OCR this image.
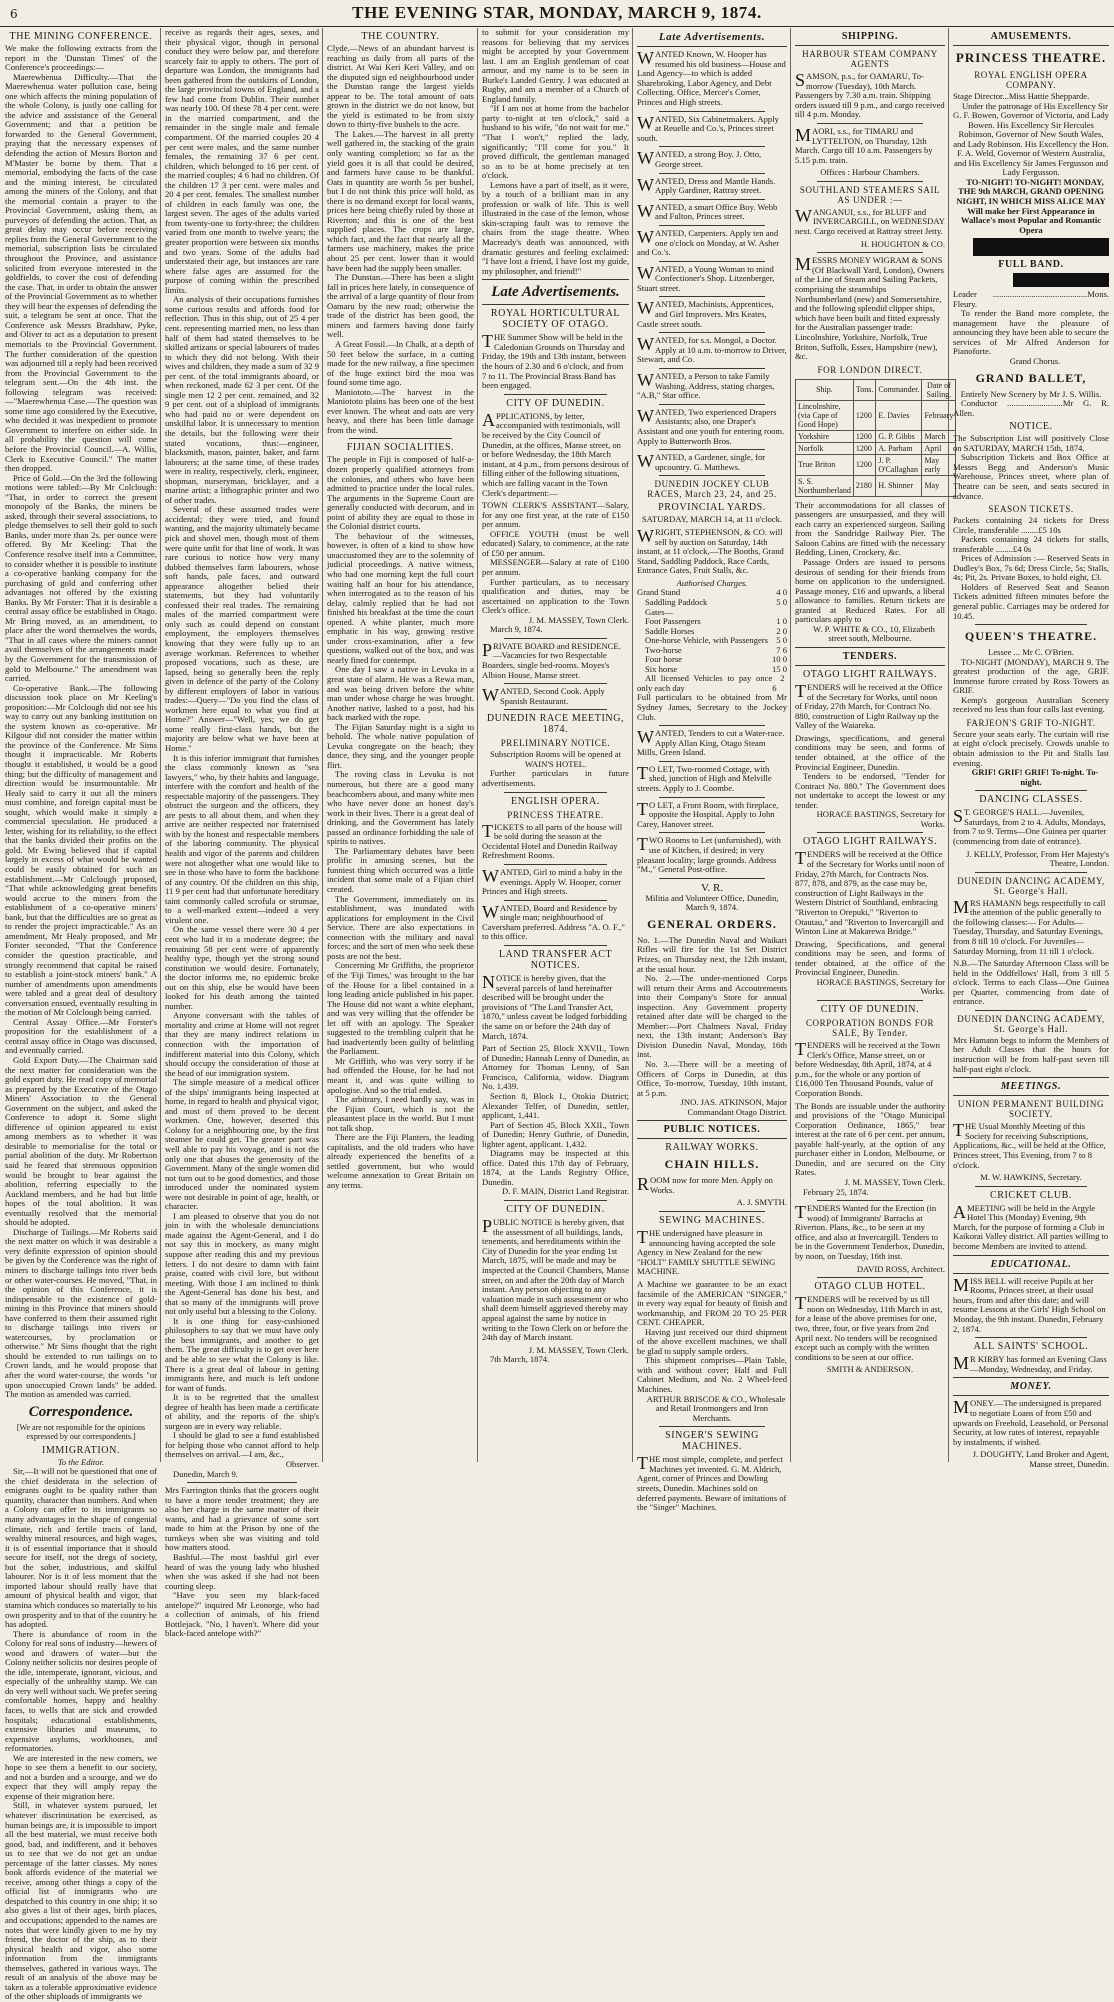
6	THE EVENING STAR, MONDAY, MARCH 9, 1874.
THE MINING CONFERENCE.

We make the following extracts from the report in the 'Dunstan Times' of the Conference's proceedings:—

Maerewhenua Difficulty.—That the Maerewhenua water pollution case, being one which affects the mining population of the whole Colony, is justly one calling for the advice and assistance of the General Government; and that a petition be forwarded to the General Government, praying that the necessary expenses of defending the action of Messrs Borton and M'Master be borne by them. That a memorial, embodying the facts of the case and the mining interest, be circulated among the miners of the Colony, and that the memorial contain a prayer to the Provincial Government, asking them, as purveyors of defending the action. That, as great delay may occur before receiving replies from the General Government to the memorial, subscription lists be circulated throughout the Province, and assistance solicited from everyone interested in the goldfields, to cover the cost of defending the case. That, in order to obtain the answer of the Provincial Government as to whether they will bear the expenses of defending the suit, a telegram be sent at once. That the Conference ask Messrs Bradshaw, Pyke, and Oliver to act as a deputation to present memorials to the Provincial Government. The further consideration of the question was adjourned till a reply had been received from the Provincial Government to the telegram sent.—On the 4th inst. the following telegram was received:—"Maerewhenua Case.—The question was some time ago considered by the Executive, who decided it was inexpedient to promote Government to interfere on either side. In all probability the question will come before the Provincial Council.—A. Willis, Clerk to Executive Council." The matter then dropped.

Price of Gold.—On the 3rd the following motions were tabled:—By Mr Colclough: "That, in order to correct the present monopoly of the Banks, the miners be asked, through their several associations, to pledge themselves to sell their gold to such Banks, under more than 2s. per ounce were offered. By Mr Keeling: That the Conference resolve itself into a Committee, to consider whether it is possible to institute a co-operative banking company for the purchasing of gold and conferring other advantages not offered by the existing Banks. By Mr Forster: That it is desirable a central assay office be established in Otago. Mr Bring moved, as an amendment, to place after the word themselves the words, "That in all cases where the miners cannot avail themselves of the arrangements made by the Government for the transmission of gold to Melbourne." The amendment was carried.

Co-operative Bank.—The following discussion took place on Mr Keeling's proposition:—Mr Colclough did not see his way to carry out any banking institution on the system known as co-operative. Mr Kilgour did not consider the matter within the province of the Conference. Mr Sims thought it impracticable. Mr Roberts thought it established, it would be a good thing; but the difficulty of management and direction would be insurmountable. Mr Healy said to carry it out all the miners must combine, and foreign capital must be sought, which would make it simply a commercial speculation. He produced a letter, wishing for its reliability, to the effect that the banks divided their profits on the gold. Mr Ewing believed that if capital largely in excess of what would be wanted could be easily obtained for such an establishment.—Mr Colclough proposed, "That while acknowledging great benefits would accrue to the miners from the establishment of a co-operative miners' bank, but that the difficulties are so great as to render the project impracticable." As an amendment, Mr Healy proposed, and Mr Forster seconded, "That the Conference consider the question practicable, and strongly recommend that capital be raised to establish a joint-stock miners' bank." A number of amendments upon amendments were tabled and a great deal of desultory conversation ensued, eventually resulting in the motion of Mr Colclough being carried.

Central Assay Office.—Mr Forster's proposition for the establishment of a central assay office in Otago was discussed, and eventually carried.

Gold Export Duty.—The Chairman said the next matter for consideration was the gold export duty. He read copy of memorial as prepared by the Executive of the Otago Miners' Association to the General Government on the subject, and asked the Conference to adopt it. Some slight difference of opinion appeared to exist among members as to whether it was desirable to memorialise for the total or partial abolition of the duty. Mr Robertson said he feared that strenuous opposition would be brought to bear against the abolition, referring especially to the Auckland members, and he had but little hopes of the total abolition. It was eventually resolved that the memorial should be adopted.

Discharge of Tailings.—Mr Roberts said the next matter on which it was desirable a very definite expression of opinion should be given by the Conference was the right of miners to discharge tailings into river beds or other water-courses. He moved, "That, in the opinion of this Conference, it is indispensable to the existence of gold-mining in this Province that miners should have conferred to them their assumed right to discharge tailings into rivers or watercourses, by proclamation or otherwise." Mr Sims thought that the right should be extended to run tailings on to Crown lands, and he would propose that after the word water-course, the words "or upon unoccupied Crown lands" be added. The motion as amended was carried.

Correspondence.

[We are not responsible for the opinions expressed by our correspondents.]

IMMIGRATION.

To the Editor.

Sir,—It will not be questioned that one of the chief desiderata in the selection of emigrants ought to be quality rather than quantity, character than numbers. And when a Colony can offer to its immigrants so many advantages in the shape of congenial climate, rich and fertile tracts of land, wealthy mineral resources, and high wages, it is of essential importance that it should secure for itself, not the dregs of society, but the sober, industrious, and skilful labourer. Nor is it of less moment that the imported labour should really have that amount of physical health and vigor, that stamina which conduces so materially to his own prosperity and to that of the country he has adopted.

There is abundance of room in the Colony for real sons of industry—hewers of wood and drawers of water—but the Colony neither solicits nor desires people of the idle, intemperate, ignorant, vicious, and especially of the unhealthy stamp. We can do very well without such. We prefer seeing comfortable homes, happy and healthy faces, to wells that are sick and crowded hospitals; educational establishments, extensive libraries and museums, to expensive asylums, workhouses, and reformatories.

We are interested in the new comers, we hope to see them a benefit to our society, and not a burden and a scourge, and we do expect that they will amply repay the expense of their migration here.

Still, in whatever system pursued, let whatever discrimination be exercised, as human beings are, it is impossible to import all the best material, we must receive both good, bad, and indifferent, and it behoves us to see that we do not get an undue percentage of the latter classes. My notes book affords evidence of the material we receive, among other things a copy of the official list of immigrants who are despatched to this country in one ship; it so also gives a list of their ages, birth places, and occupations; appended to the names are notes that were kindly given to me by my friend, the doctor of the ship, as to their physical health and vigor, also some information from the immigrants themselves, gathered in various ways. The result of an analysis of the above may be taken as a tolerable approximative evidence of the other shiploads of immigrants we

receive as regards their ages, sexes, and their physical vigor, though in personal conduct they were below par, and therefore scarcely fair to apply to others. The port of departure was London, the immigrants had been gathered from the outskirts of London, the large provincial towns of England, and a few had come from Dublin. Their number was nearly 100. Of these 78 4 per cent. were in the married compartment, and the remainder in the single male and female compartment. Of the married couples 20 4 per cent were males, and the same number females, the remaining 37 6 per cent. children, which belonged to 16 per cent. of the married couples; 4 6 had no children. Of the children 17 3 per cent. were males and 20 4 per cent. females. The smallest number of children in each family was one, the largest seven. The ages of the adults varied from twenty-one to forty-three; the children varied from one month to twelve years; the greater proportion were between six months and two years. Some of the adults had understated their age, but instances are rare where false ages are assumed for the purpose of coming within the prescribed limits.

An analysis of their occupations furnishes some curious results and affords food for reflection. Thus in this ship, out of 25 4 per cent. representing married men, no less than half of them had stated themselves to be skilled artizans or special labourers of trades to which they did not belong. With their wives and children, they made a sum of 32 9 per cent. of the total immigrants aboard, or when reckoned, made 62 3 per cent. Of the single men 12 2 per cent. remained, and 32 9 per cent. out of a shipload of immigrants who had paid no or were dependent on unskilful labor. It is unnecessary to mention the details, but the following were their stated vocations, thus:—engineer, blacksmith, mason, painter, baker, and farm labourers; at the same time, of these trades were in reality, respectively, clerk, engineer, shopman, nurseryman, bricklayer, and a marine artist; a lithographic printer and two of other trades.

Several of these assumed trades were accidental; they were tried, and found wanting, and the majority ultimately became pick and shovel men, though most of them were quite unfit for that line of work. It was rare curious to notice how very many dubbed themselves farm labourers, whose soft hands, pale faces, and outward appearance altogether belied their statements, but they had voluntarily confessed their real trades. The remaining males of the married compartment were only such as could depend on constant employment, the employers themselves knowing that they were fully up to an average workman. References to whether proposed vocations, such as these, are lapsed, being so generally been the reply given in defence of the party of the Colony by different employers of labor in various trades:—Query—"Do you find the class of workmen here equal to what you find at Home?" Answer—"Well, yes; we do get some really first-class hands, but the majority are below what we have been at Home."

It is this inferior immigrant that furnishes the class commonly known as "sea lawyers," who, by their habits and language, interfere with the comfort and health of the respectable majority of the passengers. They obstruct the surgeon and the officers, they are pests to all about them, and when they arrive are neither respected nor fraternised with by the honest and respectable members of the laboring community. The physical health and vigor of the parents and children were not altogether what one would like to see in those who have to form the backbone of any country. Of the children on this ship, 11 9 per cent had that unfortunate hereditary taint commonly called scrofula or strumae, to a well-marked extent—indeed a very virulent one.

On the same vessel there were 30 4 per cent who had it to a moderate degree; the remaining 58 per cent were of apparently healthy type, though yet the strong sound constitution we would desire. Fortunately, the doctor informs me, no epidemic broke out on this ship, else he would have been looked for his death among the tainted number.

Anyone conversant with the tables of mortality and crime at Home will not regret that they are many indirect relations in connection with the importation of indifferent material into this Colony, which should occupy the consideration of those at the head of our immigration system.

The simple measure of a medical officer of the ships' immigrants being inspected at home, in regard to health and physical vigor, and most of them proved to be decent workmen. One, however, deserted this Colony for a neighbouring one, by the first steamer he could get. The greater part was well able to pay his voyage, and is not the only one that abuses the generosity of the Government. Many of the single women did not turn out to be good domestics, and those introduced under the nominated system were not desirable in point of age, health, or character.

I am pleased to observe that you do not join in with the wholesale denunciations made against the Agent-General, and I do not say this in mockery, as many might suppose after reading this and my previous letters. I do not desire to damn with faint praise, coated with civil lore, but without meeting. With those I am inclined to think the Agent-General has done his best, and that so many of the immigrants will prove not only useful but a blessing to the Colony.

It is one thing for easy-cushioned philosophers to say that we must have only the best immigrants, and another to get them. The great difficulty is to get over here and be able to see what the Colony is like. There is a great deal of labour in getting immigrants here, and much is left undone for want of funds.

It is to be regretted that the smallest degree of health has been made a certificate of ability, and the reports of the ship's surgeon are in every way reliable.

I should be glad to see a fund established for helping those who cannot afford to help themselves on arrival.—I am, &c.,

Observer.

Dunedin, March 9.

Mrs Farrington thinks that the grocers ought to have a more tender treatment; they are also her charge in the same matter of their wants, and had a grievance of some sort made to him at the Prison by one of the turnkeys when she was visiting and told how matters stood.

Bashful.—The most bashful girl ever heard of was the young lady who blushed when she was asked if she had not been courting sleep.

"Have you seen my black-faced antelope?" inquired Mr Leonorge, who had a collection of animals, of his friend Bottlejack. "No, I haven't. Where did your black-faced antelope with?"

THE COUNTRY.

Clyde.—News of an abundant harvest is reaching us daily from all parts of the district. At Wai Keri Keri Valley, and on the disputed sign ed neighbourhood under the Dunstan range the largest yields appear to be. The total amount of oats grown in the district we do not know, but the yield is estimated to be from sixty down to thirty-five bushels to the acre.

The Lakes.—The harvest in all pretty well gathered in, the stacking of the grain only wanting completion; so far as the yield goes it is all that could be desired, and farmers have cause to be thankful. Oats in quantity are worth 5s per bushel, but I do not think this price will hold, as there is no demand except for local wants, prices here being chiefly ruled by those at Riverton; and this is one of the best supplied places. The crops are large, which fact, and the fact that nearly all the farmers use machinery, makes the price about 25 per cent. lower than it would have been had the supply been smaller.

The Dunstan.—There has been a slight fall in prices here lately, in consequence of the arrival of a large quantity of flour from Oamaru by the new road; otherwise the trade of the district has been good, the miners and farmers having done fairly well.

A Great Fossil.—In Chalk, at a depth of 50 feet below the surface, in a cutting made for the new railway, a fine specimen of the huge extinct bird the moa was found some time ago.

Maniototo.—The harvest in the Maniototo plains has been one of the best ever known. The wheat and oats are very heavy, and there has been little damage from the wind.

FIJIAN SOCIALITIES.

The people in Fiji is composed of half-a-dozen properly qualified attorneys from the colonies, and others who have been admitted to practice under the local rules. The arguments in the Supreme Court are generally conducted with decorum, and in point of ability they are equal to those in the Colonial district courts.

The behaviour of the witnesses, however, is often of a kind to show how unaccustomed they are to the solemnity of judicial proceedings. A native witness, who had one morning kept the full court waiting half an hour for his attendance, when interrogated as to the reason of his delay, calmly replied that he had not finished his breakfast at the time the court opened. A white planter, much more emphatic in his way, growing restive under cross-examination, after a few questions, walked out of the box, and was nearly fined for contempt.

One day I saw a native in Levuka in a great state of alarm. He was a Rewa man, and was being driven before the white man under whose charge he was brought. Another native, lashed to a post, had his back marked with the rope.

The Fijian Saturday night is a sight to behold. The whole native population of Levuka congregate on the beach; they dance, they sing, and the younger people flirt.

The roving class in Levuka is not numerous, but there are a good many beachcombers about, and many white men who have never done an honest day's work in their lives. There is a great deal of drinking, and the Government has lately passed an ordinance forbidding the sale of spirits to natives.

The Parliamentary debates have been prolific in amusing scenes, but the funniest thing which occurred was a little incident that some male of a Fijian chief created.

The Government, immediately on its establishment, was inundated with applications for employment in the Civil Service. There are also expectations in connection with the military and naval forces; and the sort of men who seek these posts are not the best.

Concerning Mr Griffiths, the proprietor of the 'Fiji Times,' was brought to the bar of the House for a libel contained in a long leading article published in his paper. The House did not want a white elephant, and was very willing that the offender be let off with an apology. The Speaker suggested to the trembling culprit that he had inadvertently been guilty of belittling the Parliament.

Mr Griffith, who was very sorry if he had offended the House, for he had not meant it, and was quite willing to apologise. And so the trial ended.

The arbitrary, I need hardly say, was in the Fijian Court, which is not the pleasantest place in the world. But I must not talk shop.

There are the Fiji Planters, the leading capitalists, and the old traders who have already experienced the benefits of a settled government, but who would welcome annexation to Great Britain on any terms.

to submit for your consideration my reasons for believing that my services might be accepted by your Government last. I am an English gentleman of coat armour, and my name is to be seen in Burke's Landed Gentry. I was educated at Rugby, and am a member of a Church of England family.

"If I am not at home from the bachelor party to-night at ten o'clock," said a husband to his wife, "do not wait for me." "That I won't," replied the lady, significantly; "I'll come for you." It proved difficult, the gentleman managed so as to be at home precisely at ten o'clock.

Lemons have a part of itself, as it were, by a touch of a brilliant man in any profession or walk of life. This is well illustrated in the case of the lemon, whose skin-scraping fault was to remove the chairs from the stage theatre. When Macready's death was announced, with dramatic gestures and feeling exclaimed: "I have lost a friend, I have lost my guide, my philosopher, and friend!"

Late Advertisements.
ROYAL HORTICULTURAL SOCIETY OF OTAGO.

THE Summer Show will be held in the Caledonian Grounds on Thursday and Friday, the 19th and 13th instant, between the hours of 2.30 and 6 o'clock, and from 7 to 11. The Provincial Brass Band has been engaged.

CITY OF DUNEDIN.

APPLICATIONS, by letter, accompanied with testimonials, will be received by the City Council of Dunedin, at the offices, Manse street, on or before Wednesday, the 18th March instant, at 4 p.m., from persons desirous of filling either of the following situations, which are falling vacant in the Town Clerk's department:—

TOWN CLERK'S ASSISTANT—Salary, for any one first year, at the rate of £150 per annum.

OFFICE YOUTH (must be well educated) Salary, to commence, at the rate of £50 per annum.

MESSENGER—Salary at rate of £100 per annum.

Further particulars, as to necessary qualification and duties, may be ascertained on application to the Town Clerk's office.

J. M. MASSEY, Town Clerk.

March 9, 1874.

PRIVATE BOARD and RESIDENCE.—Vacancies for two Respectable Boarders, single bed-rooms. Moyes's Albion House, Manse street.

WANTED, Second Cook. Apply Spanish Restaurant.

DUNEDIN RACE MEETING, 1874.
PRELIMINARY NOTICE.

Subscription Rooms will be opened at WAIN'S HOTEL.

Further particulars in future advertisements.

ENGLISH OPERA.
PRINCESS THEATRE.

TICKETS to all parts of the house will be sold during the season at the Occidental Hotel and Dunedin Railway Refreshment Rooms.

WANTED, Girl to mind a baby in the evenings. Apply W. Hooper, corner Princes and High streets.

WANTED, Board and Residence by single man; neighbourhood of Caversham preferred. Address "A. O. F.," to this office.

LAND TRANSFER ACT NOTICES.

NOTICE is hereby given, that the several parcels of land hereinafter described will be brought under the provisions of "The Land Transfer Act, 1870," unless caveat be lodged forbidding the same on or before the 24th day of March, 1874.

Part of Section 25, Block XXVII., Town of Dunedin; Hannah Lenny of Dunedin, as Attorney for Thomas Lenny, of San Francisco, California, widow. Diagram No. 1,439.

Section 8, Block I., Otokia District; Alexander Telfer, of Dunedin, settler, applicant, 1,441.

Part of Section 45, Block XXII., Town of Dunedin; Henry Guthrie, of Dunedin, lighter agent, applicant. 1,432.

Diagrams may be inspected at this office. Dated this 17th day of February, 1874, at the Lands Registry Office, Dunedin.

D. F. MAIN, District Land Registrar.

CITY OF DUNEDIN.

PUBLIC NOTICE is hereby given, that the assessment of all buildings, lands, tenements, and hereditaments within the City of Dunedin for the year ending 1st March, 1875, will be made and may be inspected at the Council Chambers, Manse street, on and after the 20th day of March instant. Any person objecting to any valuation made in such assessment or who shall deem himself aggrieved thereby may appeal against the same by notice in writing to the Town Clerk on or before the 24th day of March instant.

J. M. MASSEY, Town Clerk.

7th March, 1874.

Late Advertisements.

WANTED Known, W. Hooper has resumed his old business—House and Land Agency—to which is added Sharebroking, Labor Agency, and Debt Collecting. Office, Mercer's Corner, Princes and High streets.

WANTED, Six Cabinetmakers. Apply at Reuelle and Co.'s, Princes street south.

WANTED, a strong Boy. J. Otto, George street.

WANTED, Dress and Mantle Hands. Apply Gardiner, Rattray street.

WANTED, a smart Office Boy. Webb and Fulton, Princes street.

WANTED, Carpenters. Apply ten and one o'clock on Monday, at W. Asher and Co.'s.

WANTED, a Young Woman to mind Confectioner's Shop. Litzenberger, Stuart street.

WANTED, Machinists, Apprentices, and Girl Improvers. Mrs Keates, Castle street south.

WANTED, for s.s. Mongol, a Doctor. Apply at 10 a.m. to-morrow to Driver, Stewart, and Co.

WANTED, a Person to take Family Washing. Address, stating charges, "A.B," Star office.

WANTED, Two experienced Drapers Assistants; also, one Draper's Assistant and one youth for entering room. Apply to Butterworth Bros.

WANTED, a Gardener, single, for upcountry. G. Matthews.

DUNEDIN JOCKEY CLUB RACES, March 23, 24, and 25.
PROVINCIAL YARDS.

SATURDAY, MARCH 14, at 11 o'clock.

WRIGHT, STEPHENSON, & CO. will sell by auction on Saturday, 14th instant, at 11 o'clock,—The Booths, Grand Stand, Saddling Paddock, Race Cards, Entrance Gates, Fruit Stalls, &c.

Authorised Charges.

Grand Stand	4 0
Saddling Paddock	5 0
Gates—
Foot Passengers	1 0
Saddle Horses	2 0
One-horse Vehicle, with Passengers 5 0
Two-horse	7 6
Four horse	10 0
Six horse	15 0
All licensed Vehicles to pay once only each day
2 6

Full particulars to be obtained from Mr Sydney James, Secretary to the Jockey Club.

WANTED, Tenders to cut a Water-race. Apply Allan King, Otago Steam Mills, Green Island.

TO LET, Two-roomed Cottage, with shed, junction of High and Melville streets. Apply to J. Coombe.

TO LET, a Front Room, with fireplace, opposite the Hospital. Apply to John Carey, Hanover street.

TWO Rooms to Let (unfurnished), with use of Kitchen, if desired; in very pleasant locality; large grounds. Address "M.," General Post-office.

V. R.

Militia and Volunteer Office, Dunedin, March 9, 1874.

GENERAL ORDERS.

No. 1.—The Dunedin Naval and Waikari Rifles will fire for the 1st Set District Prizes, on Thursday next, the 12th instant, at the usual hour.

No. 2.—The under-mentioned Corps will return their Arms and Accoutrements into their Company's Store for annual inspection. Any Government property retained after date will be charged to the Member:—Port Chalmers Naval, Friday next, the 13th instant; Anderson's Bay Division Dunedin Naval, Monday, 16th inst.

No. 3.—There will be a meeting of Officers of Corps in Dunedin, at this Office, To-morrow, Tuesday, 10th instant, at 5 p.m.

JNO. JAS. ATKINSON, Major Commandant Otago District.

PUBLIC NOTICES.
RAILWAY WORKS.
CHAIN HILLS.

ROOM now for more Men. Apply on Works.

A. J. SMYTH.

SEWING MACHINES.

THE undersigned have pleasure in announcing having accepted the sole Agency in New Zealand for the new "HOLT" FAMILY SHUTTLE SEWING MACHINE.

A Machine we guarantee to be an exact facsimile of the AMERICAN "SINGER," in every way equal for beauty of finish and workmanship, and FROM 20 TO 25 PER CENT. CHEAPER.

Having just received our third shipment of the above excellent machines, we shall be glad to supply sample orders.

This shipment comprises—Plain Table, with and without cover; Half and Full Cabinet Medium, and No. 2 Wheel-feed Machines.

ARTHUR BRISCOE & CO., Wholesale and Retail Ironmongers and Iron Merchants.

SINGER'S SEWING MACHINES.

THE most simple, complete, and perfect Machines yet invented. G. M. Aldrich, Agent, corner of Princes and Dowling streets, Dunedin. Machines sold on deferred payments. Beware of imitations of the "Singer" Machines.

SHIPPING.
HARBOUR STEAM COMPANY AGENTS

SAMSON, p.s., for OAMARU, To-morrow (Tuesday), 10th March. Passengers by 7.30 a.m. train. Shipping orders issued till 9 p.m., and cargo received till 4 p.m. Monday.

MAORI, s.s., for TIMARU and LYTTELTON, on Thursday, 12th March. Cargo till 10 a.m. Passengers by 5.15 p.m. train.

Offices : Harbour Chambers.

SOUTHLAND STEAMERS SAIL AS UNDER :—

WANGANUI, s.s., for BLUFF and INVERCARGILL, on WEDNESDAY next. Cargo received at Rattray street Jetty.

H. HOUGHTON & CO.

MESSRS MONEY WIGRAM & SONS (Of Blackwall Yard, London), Owners of the Line of Steam and Sailing Packets, comprising the steamships Northumberland (new) and Somersetshire, and the following splendid clipper ships, which have been built and fitted expressly for the Australian passenger trade: Lincolnshire, Yorkshire, Norfolk, True Briton, Suffolk, Essex, Hampshire (new), &c.

FOR LONDON DIRECT.
Ship.	Tons.	Commander.	Date of Sailing.
Lincolnshire, (via Cape of Good Hope)	1200	E. Davies	February
Yorkshire	1200	G. P. Gibbs	March
Norfolk	1200	A. Parham	April
True Briton	1200	J. P. O'Callaghan	May early
S. S. Northumberland	2180	H. Shinner	May

Their accommodations for all classes of passengers are unsurpassed, and they will each carry an experienced surgeon. Sailing from the Sandridge Railway Pier. The Saloon Cabins are fitted with the necessary Bedding, Linen, Crockery, &c.

Passage Orders are issued to persons desirous of sending for their friends from home on application to the undersigned. Passage money, £16 and upwards, a liberal allowance to families. Return tickets are granted at Reduced Rates. For all particulars apply to

W. P. WHITE & CO., 10, Elizabeth street south, Melbourne.

TENDERS.
OTAGO LIGHT RAILWAYS.

TENDERS will be received at the Office of the Secretary for Works, until noon of Friday, 27th March, for Contract No. 880, construction of Light Railway up the Valley of the Waiareka.

Drawings, specifications, and general conditions may be seen, and forms of tender obtained, at the office of the Provincial Engineer, Dunedin.

Tenders to be endorsed, "Tender for Contract No. 880." The Government does not undertake to accept the lowest or any tender.

HORACE BASTINGS, Secretary for Works.

OTAGO LIGHT RAILWAYS.

TENDERS will be received at the Office of the Secretary for Works until noon of Friday, 27th March, for Contracts Nos. 877, 878, and 879, as the case may be, construction of Light Railways in the Western District of Southland, embracing "Riverton to Orepuki," "Riverton to Otautau," and "Riverton to Invercargill and Winton Line at Makarewa Bridge."

Drawing, Specifications, and general conditions may be seen, and forms of tender obtained, at the office of the Provincial Engineer, Dunedin.

HORACE BASTINGS, Secretary for Works.

CITY OF DUNEDIN.
CORPORATION BONDS FOR SALE, By Tender.

TENDERS will be received at the Town Clerk's Office, Manse street, on or before Wednesday, 8th April, 1874, at 4 p.m., for the whole or any portion of £16,000 Ten Thousand Pounds, value of Corporation Bonds.

The Bonds are issuable under the authority and provisions of the "Otago Municipal Corporation Ordinance, 1865," bear interest at the rate of 6 per cent. per annum, payable half-yearly, at the option of any purchaser either in London, Melbourne, or Dunedin, and are secured on the City Rates.

J. M. MASSEY, Town Clerk.

February 25, 1874.

TENDERS Wanted for the Erection (in wood) of Immigrants' Barracks at Riverton. Plans, &c., to be seen at my office, and also at Invercargill. Tenders to be in the Government Tenderbox, Dunedin, by noon, on Tuesday, 16th inst.

DAVID ROSS, Architect.

OTAGO CLUB HOTEL.

TENDERS will be received by us till noon on Wednesday, 11th March in ast, for a lease of the above premises for one, two, three, four, or five years from 2nd April next. No tenders will be recognised except such as comply with the written conditions to be seen at our office.

SMITH & ANDERSON.

AMUSEMENTS.
PRINCESS THEATRE.
ROYAL ENGLISH OPERA COMPANY.

Stage Director...Miss Hattie Shepparde.

Under the patronage of His Excellency Sir G. F. Bowen, Governor of Victoria, and Lady Bowen. His Excellency Sir Hercules Robinson, Governor of New South Wales, and Lady Robinson. His Excellency the Hon. F. A. Weld, Governor of Western Australia, and His Excellency Sir James Fergusson and Lady Fergusson.

TO-NIGHT! TO-NIGHT! MONDAY, THE 9th MARCH, GRAND OPENING NIGHT, IN WHICH MISS ALICE MAY Will make her First Appearance in Wallace's most Popular and Romantic Opera

FULL BAND.

Leader ............................................Mons. Fleury.

To render the Band more complete, the management have the pleasure of announcing they have been able to secure the services of Mr Alfred Anderson for Pianoforte.

Grand Chorus.

GRAND BALLET,

Entirely New Scenery by Mr J. S. Willis.

Conductor ..........................Mr G. R. Allen.

NOTICE.

The Subscription List will positively Close on SATURDAY, MARCH 15th, 1874.

Subscription Tickets and Box Office at Messrs Begg and Anderson's Music Warehouse, Princes street, where plan of Theatre can be seen, and seats secured in advance.

SEASON TICKETS.

Packets containing 24 tickets for Dress Circle, transferable ........£5 10s

Packets containing 24 tickets for stalls, transferable ........£4 0s

Prices of Admission :— Reserved Seats in Dudley's Box, 7s 6d; Dress Circle, 5s; Stalls, 4s; Pit, 2s. Private Boxes, to hold eight, £3.

Holders of Reserved Seat and Season Tickets admitted fifteen minutes before the general public. Carriages may be ordered for 10.45.

QUEEN'S THEATRE.

Lessee ... Mr C. O'Brien.

TO-NIGHT (MONDAY), MARCH 9. The greatest production of the age, GRIF. Immense furore created by Ross Towers as GRIF.

Kemp's gorgeous Australian Scenery received no less than four calls last evening.

FARJEON'S GRIF TO-NIGHT.

Secure your seats early. The curtain will rise at eight o'clock precisely. Crowds unable to obtain admission to the Pit and Stalls last evening.

GRIF! GRIF! GRIF! To-night. To-night.

DANCING CLASSES.

ST. GEORGE'S HALL.—Juveniles, Saturdays, from 2 to 4. Adults, Mondays, from 7 to 9. Terms—One Guinea per quarter (commencing from date of entrance).

J. KELLY, Professor, From Her Majesty's Theatre, London.

DUNEDIN DANCING ACADEMY, St. George's Hall.

MRS HAMANN begs respectfully to call the attention of the public generally to the following classes:— For Adults—Tuesday, Thursday, and Saturday Evenings, from 8 till 10 o'clock. For Juveniles—Saturday Morning, from 11 till 1 o'clock.

N.B.—The Saturday Afternoon Class will be held in the Oddfellows' Hall, from 3 till 5 o'clock. Terms to each Class—One Guinea per Quarter, commencing from date of entrance.

DUNEDIN DANCING ACADEMY, St. George's Hall.

Mrs Hamann begs to inform the Members of her Adult Classes that the hours for instruction will be from half-past seven till half-past eight o'clock.

MEETINGS.
UNION PERMANENT BUILDING SOCIETY.

THE Usual Monthly Meeting of this Society for receiving Subscriptions, Applications, &c., will be held at the Office, Princes street, This Evening, from 7 to 8 o'clock.

M. W. HAWKINS, Secretary.

CRICKET CLUB.

AMEETING will be held in the Argyle Hotel This (Monday) Evening, 9th March, for the purpose of forming a Club in Kaikorai Valley district. All parties willing to become Members are invited to attend.

EDUCATIONAL.

MISS BELL will receive Pupils at her Rooms, Princes street, at their usual hours, from and after this date; and will resume Lessons at the Girls' High School on Monday, the 9th instant. Dunedin, February 2, 1874.

ALL SAINTS' SCHOOL.

MR KIRBY has formed an Evening Class—Monday, Wednesday, and Friday.

MONEY.

MONEY.—The undersigned is prepared to negotiate Loans of from £50 and upwards on Freehold, Leasehold, or Personal Security, at low rates of interest, repayable by instalments, if wished.

J. DOUGHTY, Land Broker and Agent, Manse street, Dunedin.
